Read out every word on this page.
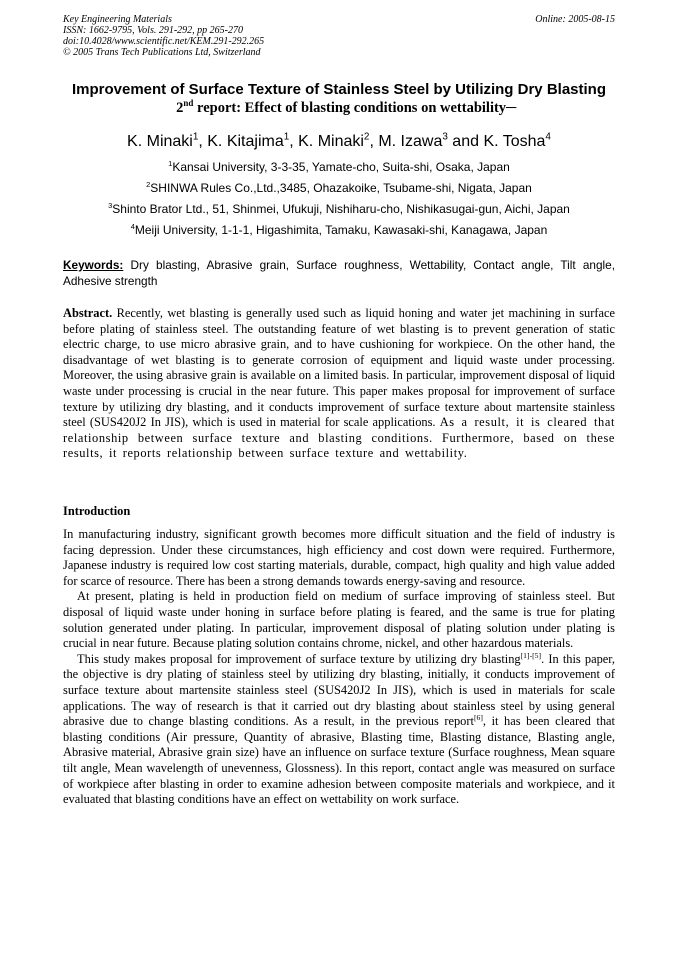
Key Engineering Materials
ISSN: 1662-9795, Vols. 291-292, pp 265-270
doi:10.4028/www.scientific.net/KEM.291-292.265
© 2005 Trans Tech Publications Ltd, Switzerland
Online: 2005-08-15
Improvement of Surface Texture of Stainless Steel by Utilizing Dry Blasting
　2nd report: Effect of blasting conditions on wettability─
K. Minaki$^1$, K. Kitajima$^1$, K. Minaki$^2$, M. Izawa$^3$ and K. Tosha$^4$
$^1$Kansai University, 3-3-35, Yamate-cho, Suita-shi, Osaka, Japan
$^2$SHINWA Rules Co.,Ltd.,3485, Ohazakoike, Tsubame-shi, Nigata, Japan
$^3$Shinto Brator Ltd., 51, Shinmei, Ufukuji, Nishiharu-cho, Nishikasugai-gun, Aichi, Japan
$^4$Meiji University, 1-1-1, Higashimita, Tamaku, Kawasaki-shi, Kanagawa, Japan
Keywords: Dry blasting, Abrasive grain, Surface roughness, Wettability, Contact angle, Tilt angle, Adhesive strength

Abstract. Recently, wet blasting is generally used such as liquid honing and water jet machining in surface before plating of stainless steel. The outstanding feature of wet blasting is to prevent generation of static electric charge, to use micro abrasive grain, and to have cushioning for workpiece. On the other hand, the disadvantage of wet blasting is to generate corrosion of equipment and liquid waste under processing. Moreover, the using abrasive grain is available on a limited basis. In particular, improvement disposal of liquid waste under processing is crucial in the near future. This paper makes proposal for improvement of surface texture by utilizing dry blasting, and it conducts improvement of surface texture about martensite stainless steel (SUS420J2 In JIS), which is used in material for scale applications. As a result, it is cleared that relationship between surface texture and blasting conditions. Furthermore, based on these results, it reports relationship between surface texture and wettability.

Introduction

In manufacturing industry, significant growth becomes more difficult situation and the field of industry is facing depression. Under these circumstances, high efficiency and cost down were required. Furthermore, Japanese industry is required low cost starting materials, durable, compact, high quality and high value added for scarce of resource. There has been a strong demands towards energy-saving and resource.

At present, plating is held in production field on medium of surface improving of stainless steel. But disposal of liquid waste under honing in surface before plating is feared, and the same is true for plating solution generated under plating. In particular, improvement disposal of plating solution under plating is crucial in near future. Because plating solution contains chrome, nickel, and other hazardous materials.

This study makes proposal for improvement of surface texture by utilizing dry blasting[1]-[5]. In this paper, the objective is dry plating of stainless steel by utilizing dry blasting, initially, it conducts improvement of surface texture about martensite stainless steel (SUS420J2 In JIS), which is used in materials for scale applications. The way of research is that it carried out dry blasting about stainless steel by using general abrasive due to change blasting conditions. As a result, in the previous report[6], it has been cleared that blasting conditions (Air pressure, Quantity of abrasive, Blasting time, Blasting distance, Blasting angle, Abrasive material, Abrasive grain size) have an influence on surface texture (Surface roughness, Mean square tilt angle, Mean wavelength of unevenness, Glossness). In this report, contact angle was measured on surface of workpiece after blasting in order to examine adhesion between composite materials and workpiece, and it evaluated that blasting conditions have an effect on wettability on work surface.
